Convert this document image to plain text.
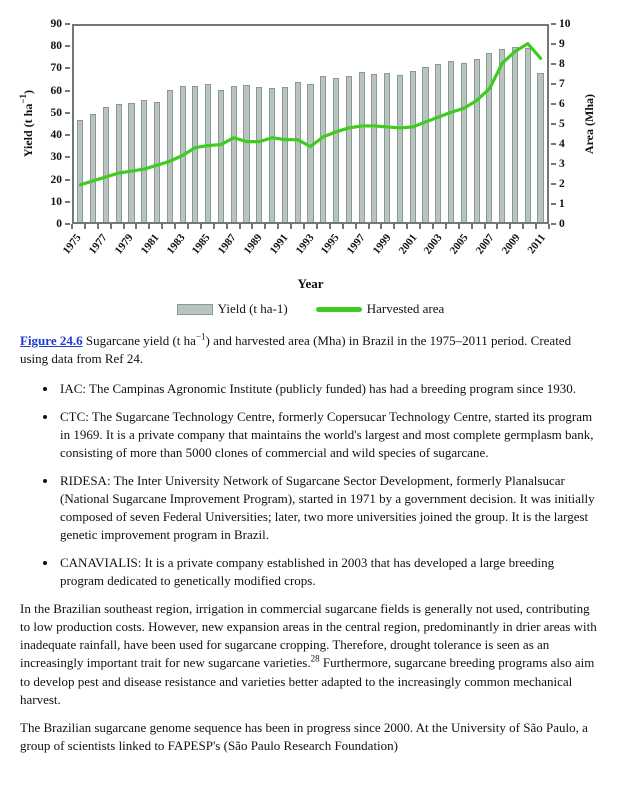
Yield (t $ha^{-1}$)
0
10
20
30
40
50
60
70
80
90
0
1
2
3
4
5
6
7
8
9
10
Area (Mha)
1975 1977 1979 1981 1983 1985 1987 1989 1991 1993 1995 1997 1999 2001 2003 2005 2007 2009 2011
Year
Yield (t ha-1)	Harvested area

Figure 24.6 Sugarcane yield (t $ha^{-1}$) and harvested area (Mha) in Brazil in the 1975–2011 period. Created using data from Ref 24.

• IAC: The Campinas Agronomic Institute (publicly funded) has had a breeding program since 1930.
• CTC: The Sugarcane Technology Centre, formerly Copersucar Technology Centre, started its program in 1969. It is a private company that maintains the world's largest and most complete germplasm bank, consisting of more than 5000 clones of commercial and wild species of sugarcane.
• RIDESA: The Inter University Network of Sugarcane Sector Development, formerly Planalsucar (National Sugarcane Improvement Program), started in 1971 by a government decision. It was initially composed of seven Federal Universities; later, two more universities joined the group. It is the largest genetic improvement program in Brazil.
• CANAVIALIS: It is a private company established in 2003 that has developed a large breeding program dedicated to genetically modified crops.

In the Brazilian southeast region, irrigation in commercial sugarcane fields is generally not used, contributing to low production costs. However, new expansion areas in the central region, predominantly in drier areas with inadequate rainfall, have been used for sugarcane cropping. Therefore, drought tolerance is seen as an increasingly important trait for new sugarcane varieties.$^{28}$ Furthermore, sugarcane breeding programs also aim to develop pest and disease resistance and varieties better adapted to the increasingly common mechanical harvest.

The Brazilian sugarcane genome sequence has been in progress since 2000. At the University of São Paulo, a group of scientists linked to FAPESP's (São Paulo Research Foundation)
